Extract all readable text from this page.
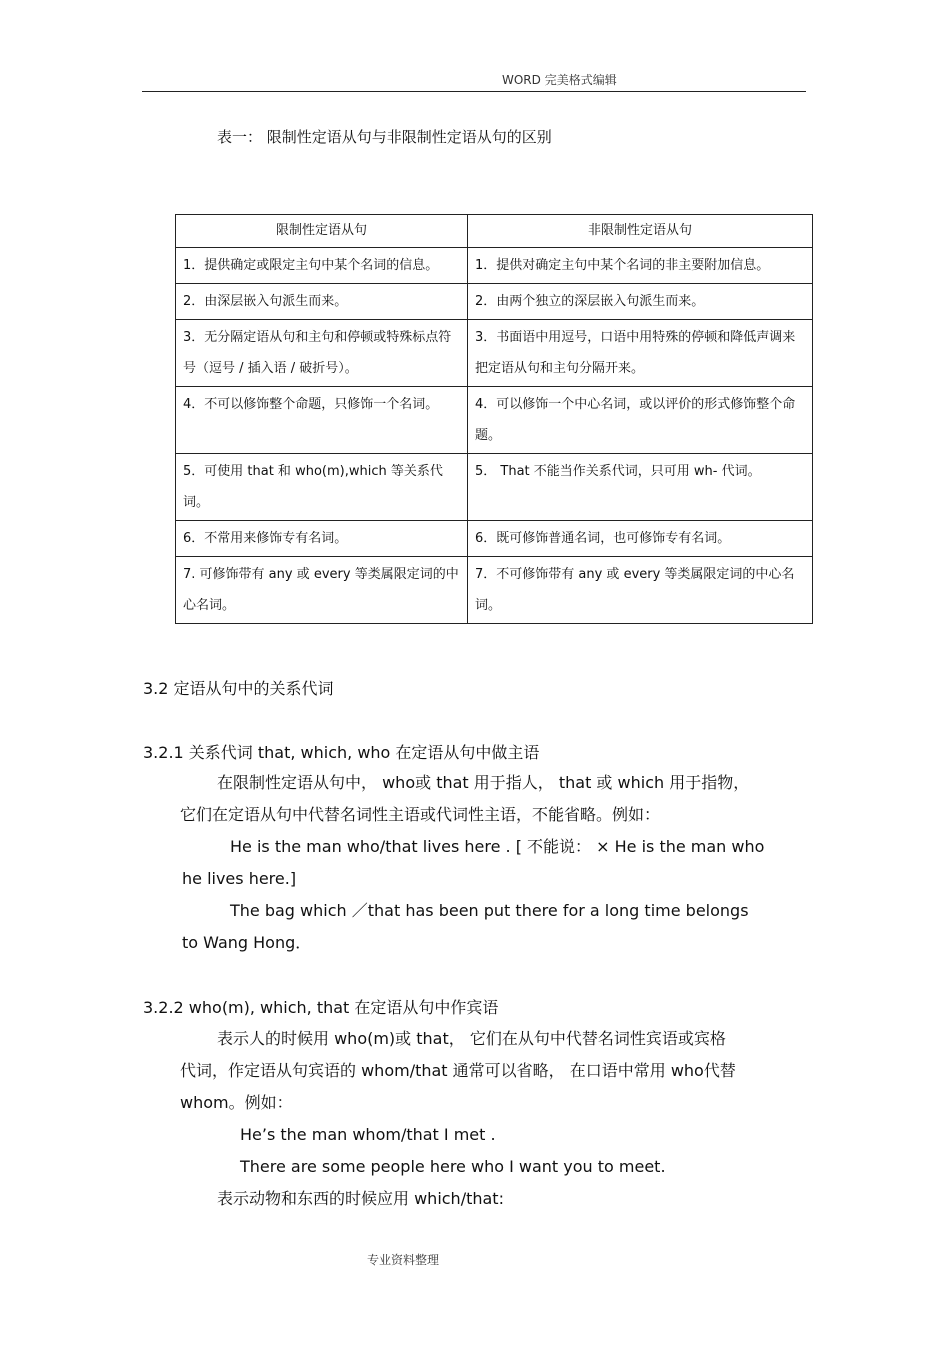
WORD 完美格式编辑
表一： 限制性定语从句与非限制性定语从句的区别
限制性定语从句	非限制性定语从句
1．提供确定或限定主句中某个名词的信息。	1．提供对确定主句中某个名词的非主要附加信息。
2．由深层嵌入句派生而来。	2．由两个独立的深层嵌入句派生而来。
3．无分隔定语从句和主句和停顿或特殊标点符号（逗号 / 插入语 / 破折号）。	3．书面语中用逗号，口语中用特殊的停顿和降低声调来把定语从句和主句分隔开来。
4．不可以修饰整个命题，只修饰一个名词。	4．可以修饰一个中心名词，或以评价的形式修饰整个命题。
5．可使用 that 和 who(m),which 等关系代词。	5． That 不能当作关系代词，只可用 wh- 代词。
6．不常用来修饰专有名词。	6．既可修饰普通名词，也可修饰专有名词。
7. 可修饰带有 any 或 every 等类属限定词的中心名词。	7．不可修饰带有 any 或 every 等类属限定词的中心名词。
3.2 定语从句中的关系代词
3.2.1 关系代词 that, which, who 在定语从句中做主语
在限制性定语从句中， who或 that 用于指人， that 或 which 用于指物，
它们在定语从句中代替名词性主语或代词性主语，不能省略。例如：
He is the man who/that lives here . [ 不能说： × He is the man who
he lives here.]
The bag which ／that has been put there for a long time belongs
to Wang Hong．
3.2.2 who(m), which, that 在定语从句中作宾语
表示人的时候用 who(m)或 that， 它们在从句中代替名词性宾语或宾格
代词，作定语从句宾语的 whom/that 通常可以省略， 在口语中常用 who代替
whom。例如：
He’s the man whom/that I met .
There are some people here who I want you to meet.
表示动物和东西的时候应用 which/that:
专业资料整理
